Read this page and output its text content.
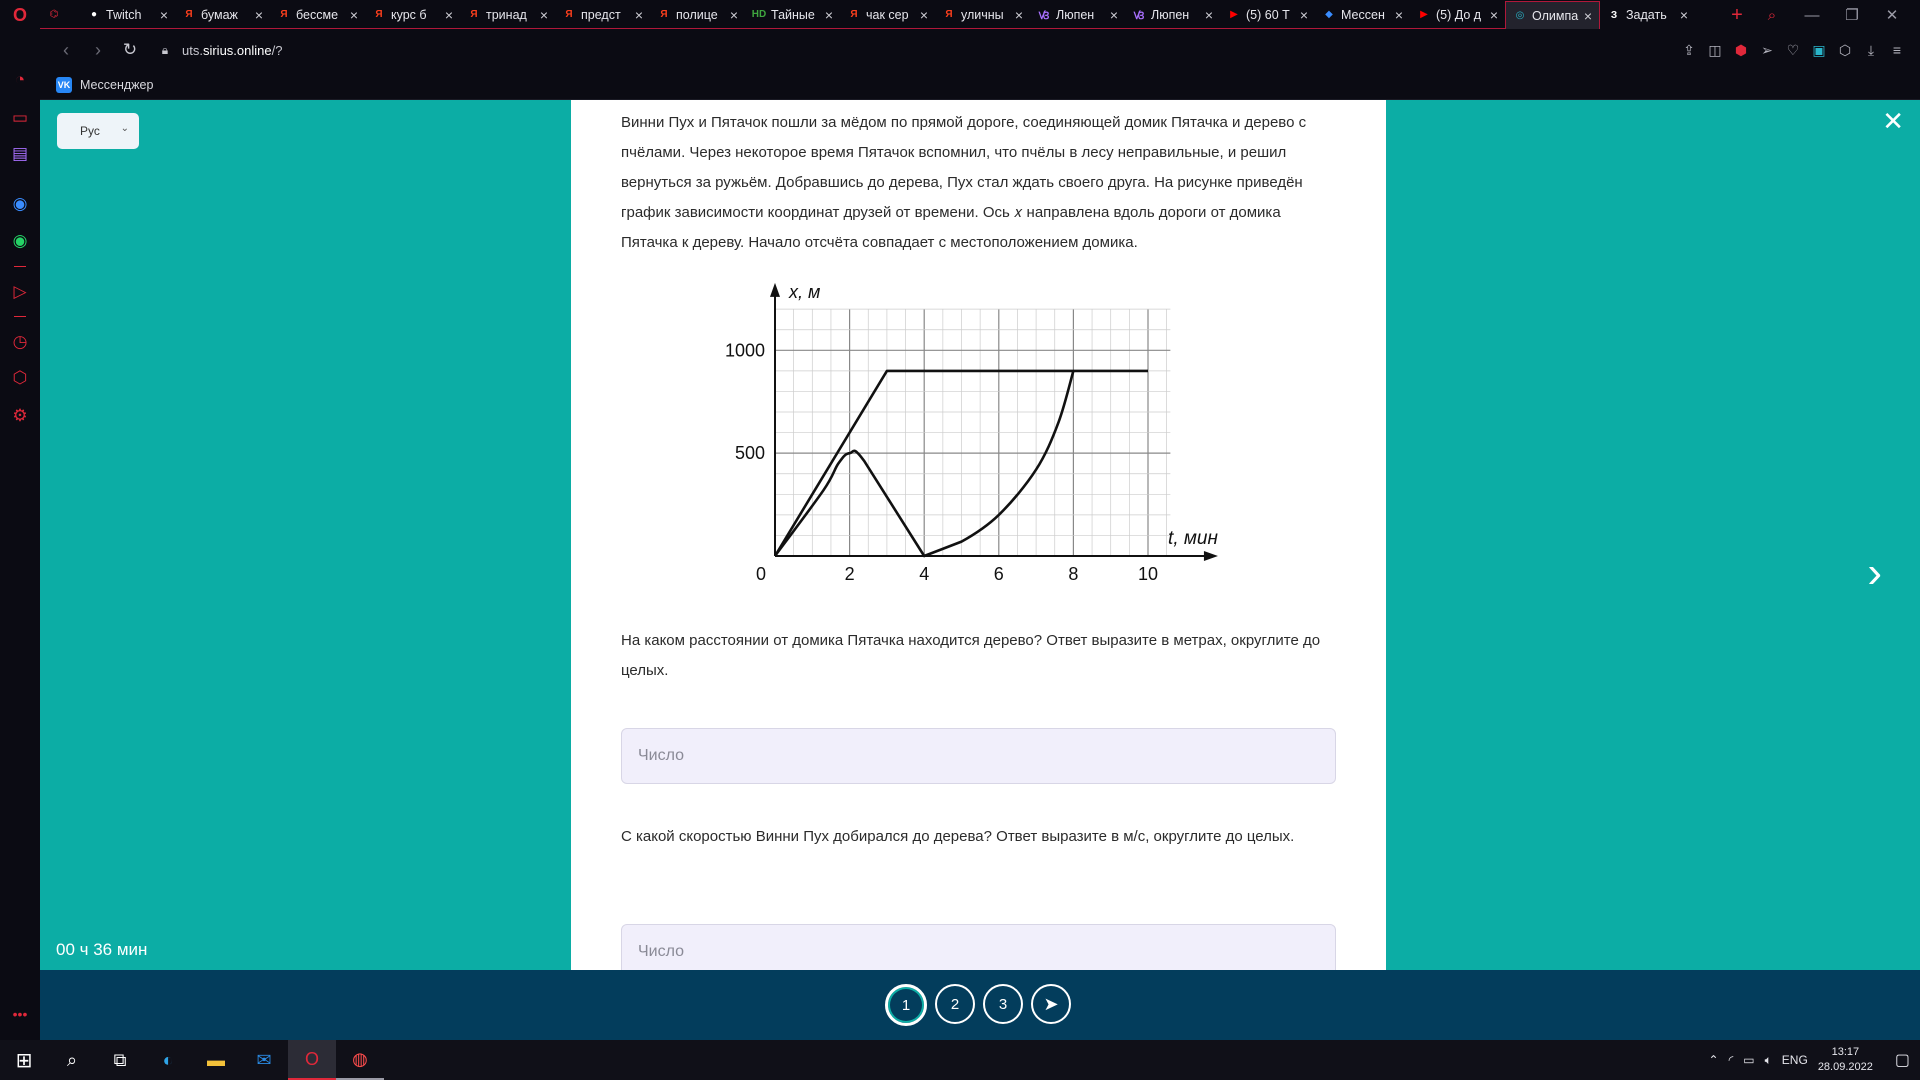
O	⌬	● Twitch	×	Я бумаж	×	Я бессме ×	Я курс б	×	Я тринад ×	Я предст	×	Я полице × HD Тайные ×	Я чак сер ×	Я уличны × Ꟃ Люпен	× Ꟃ Люпен	×	▶ (5) 60 Т ×	◆ Мессен ×	▶ (5) До д × ◎ Олимпа ×	З Задать ×	+	⌕	—	❐	✕
‹	›	↻	🔒︎	uts.sirius.online/?	⇪ ◫ ⬢	➢ ♡ ▣ ⬡	⤓	≡
VK Мессенджер
◔
▭
▤
◉
◉
▷
◷
⬡
⚙
•••
Рус ⌄	✕
›
00 ч 36 мин
Винни Пух и Пятачок пошли за мёдом по прямой дороге, соединяющей домик Пятачка и дерево с пчёлами. Через некоторое время Пятачок вспомнил, что пчёлы в лесу неправильные, и решил вернуться за ружьём. Добравшись до дерева, Пух стал ждать своего друга. На рисунке приведён график зависимости координат друзей от времени. Ось 𝑥 направлена вдоль дороги от домика Пятачка к дереву. Начало отсчёта совпадает с местоположением домика.
0	2	4	6	8	10
500
1000
t, мин
x, м
На каком расстоянии от домика Пятачка находится дерево? Ответ выразите в метрах, округлите до целых.
Число
С какой скоростью Винни Пух добирался до дерева? Ответ выразите в м/с, округлите до целых.
Число
1	2	3	➤
⊞	⌕	⧉	◐	▬	✉	O	◍	⌃ ◜ ▭ 🔈︎ ENG
13:17
28.09.2022 ▢
